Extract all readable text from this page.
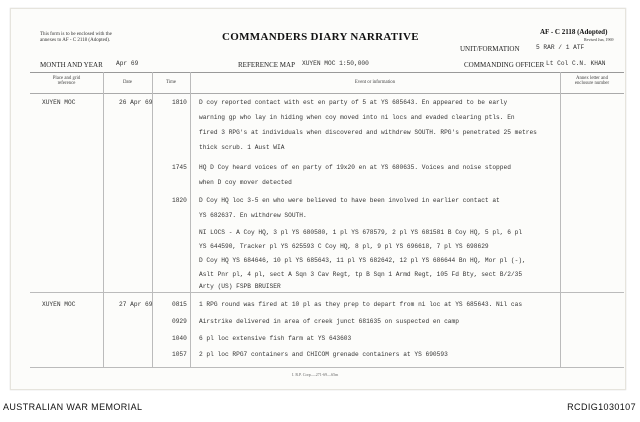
This form is to be enclosed with the
annexes to AF - C 2118 (Adopted).	COMMANDERS DIARY NARRATIVE	AF - C 2118 (Adopted)
Revised Jun, 1969
UNIT/FORMATION	5 RAR / 1 ATF
MONTH AND YEAR Apr 69	REFERENCE MAP XUYEN MOC 1:50,000	COMMANDING OFFICER Lt Col C.N. KHAN
Place and grid
reference	Date	Time	Event or information
Annex letter and
enclosure number
XUYEN MOC	26 Apr 69	1810 D coy reported contact with est en party of 5 at YS 685643. En appeared to be early
warning gp who lay in hiding when coy moved into ni locs and evaded clearing ptls. En
fired 3 RPG's at individuals when discovered and withdrew SOUTH. RPG's penetrated 25 metres
thick scrub. 1 Aust WIA
1745 HQ D Coy heard voices of en party of 19x20 en at YS 680635. Voices and noise stopped
when D coy mover detected
1820 D Coy HQ loc 3-5 en who were believed to have been involved in earlier contact at
YS 682637. En withdrew SOUTH.
NI LOCS - A Coy HQ, 3 pl YS 680580, 1 pl YS 678579, 2 pl YS 681581 B Coy HQ, 5 pl, 6 pl
YS 644590, Tracker pl YS 625593 C Coy HQ, 8 pl, 9 pl YS 696618, 7 pl YS 698629
D Coy HQ YS 684646, 10 pl YS 685643, 11 pl YS 682642, 12 pl YS 686644 Bn HQ, Mor pl (-),
Aslt Pnr pl, 4 pl, sect A Sqn 3 Cav Regt, tp B Sqn 1 Armd Regt, 105 Fd Bty, sect B/2/35
Arty (US) FSPB BRUISER
XUYEN MOC	27 Apr 69	0815 1 RPG round was fired at 10 pl as they prep to depart from ni loc at YS 685643. Nil cas
0929 Airstrike delivered in area of creek junct 681635 on suspected en camp
1040 6 pl loc extensive fish farm at YS 643603
1057 2 pl loc RPG7 containers and CHICOM grenade containers at YS 690593
I. R.P. Corp.—271-69—65m
AUSTRALIAN WAR MEMORIAL	RCDIG1030107
